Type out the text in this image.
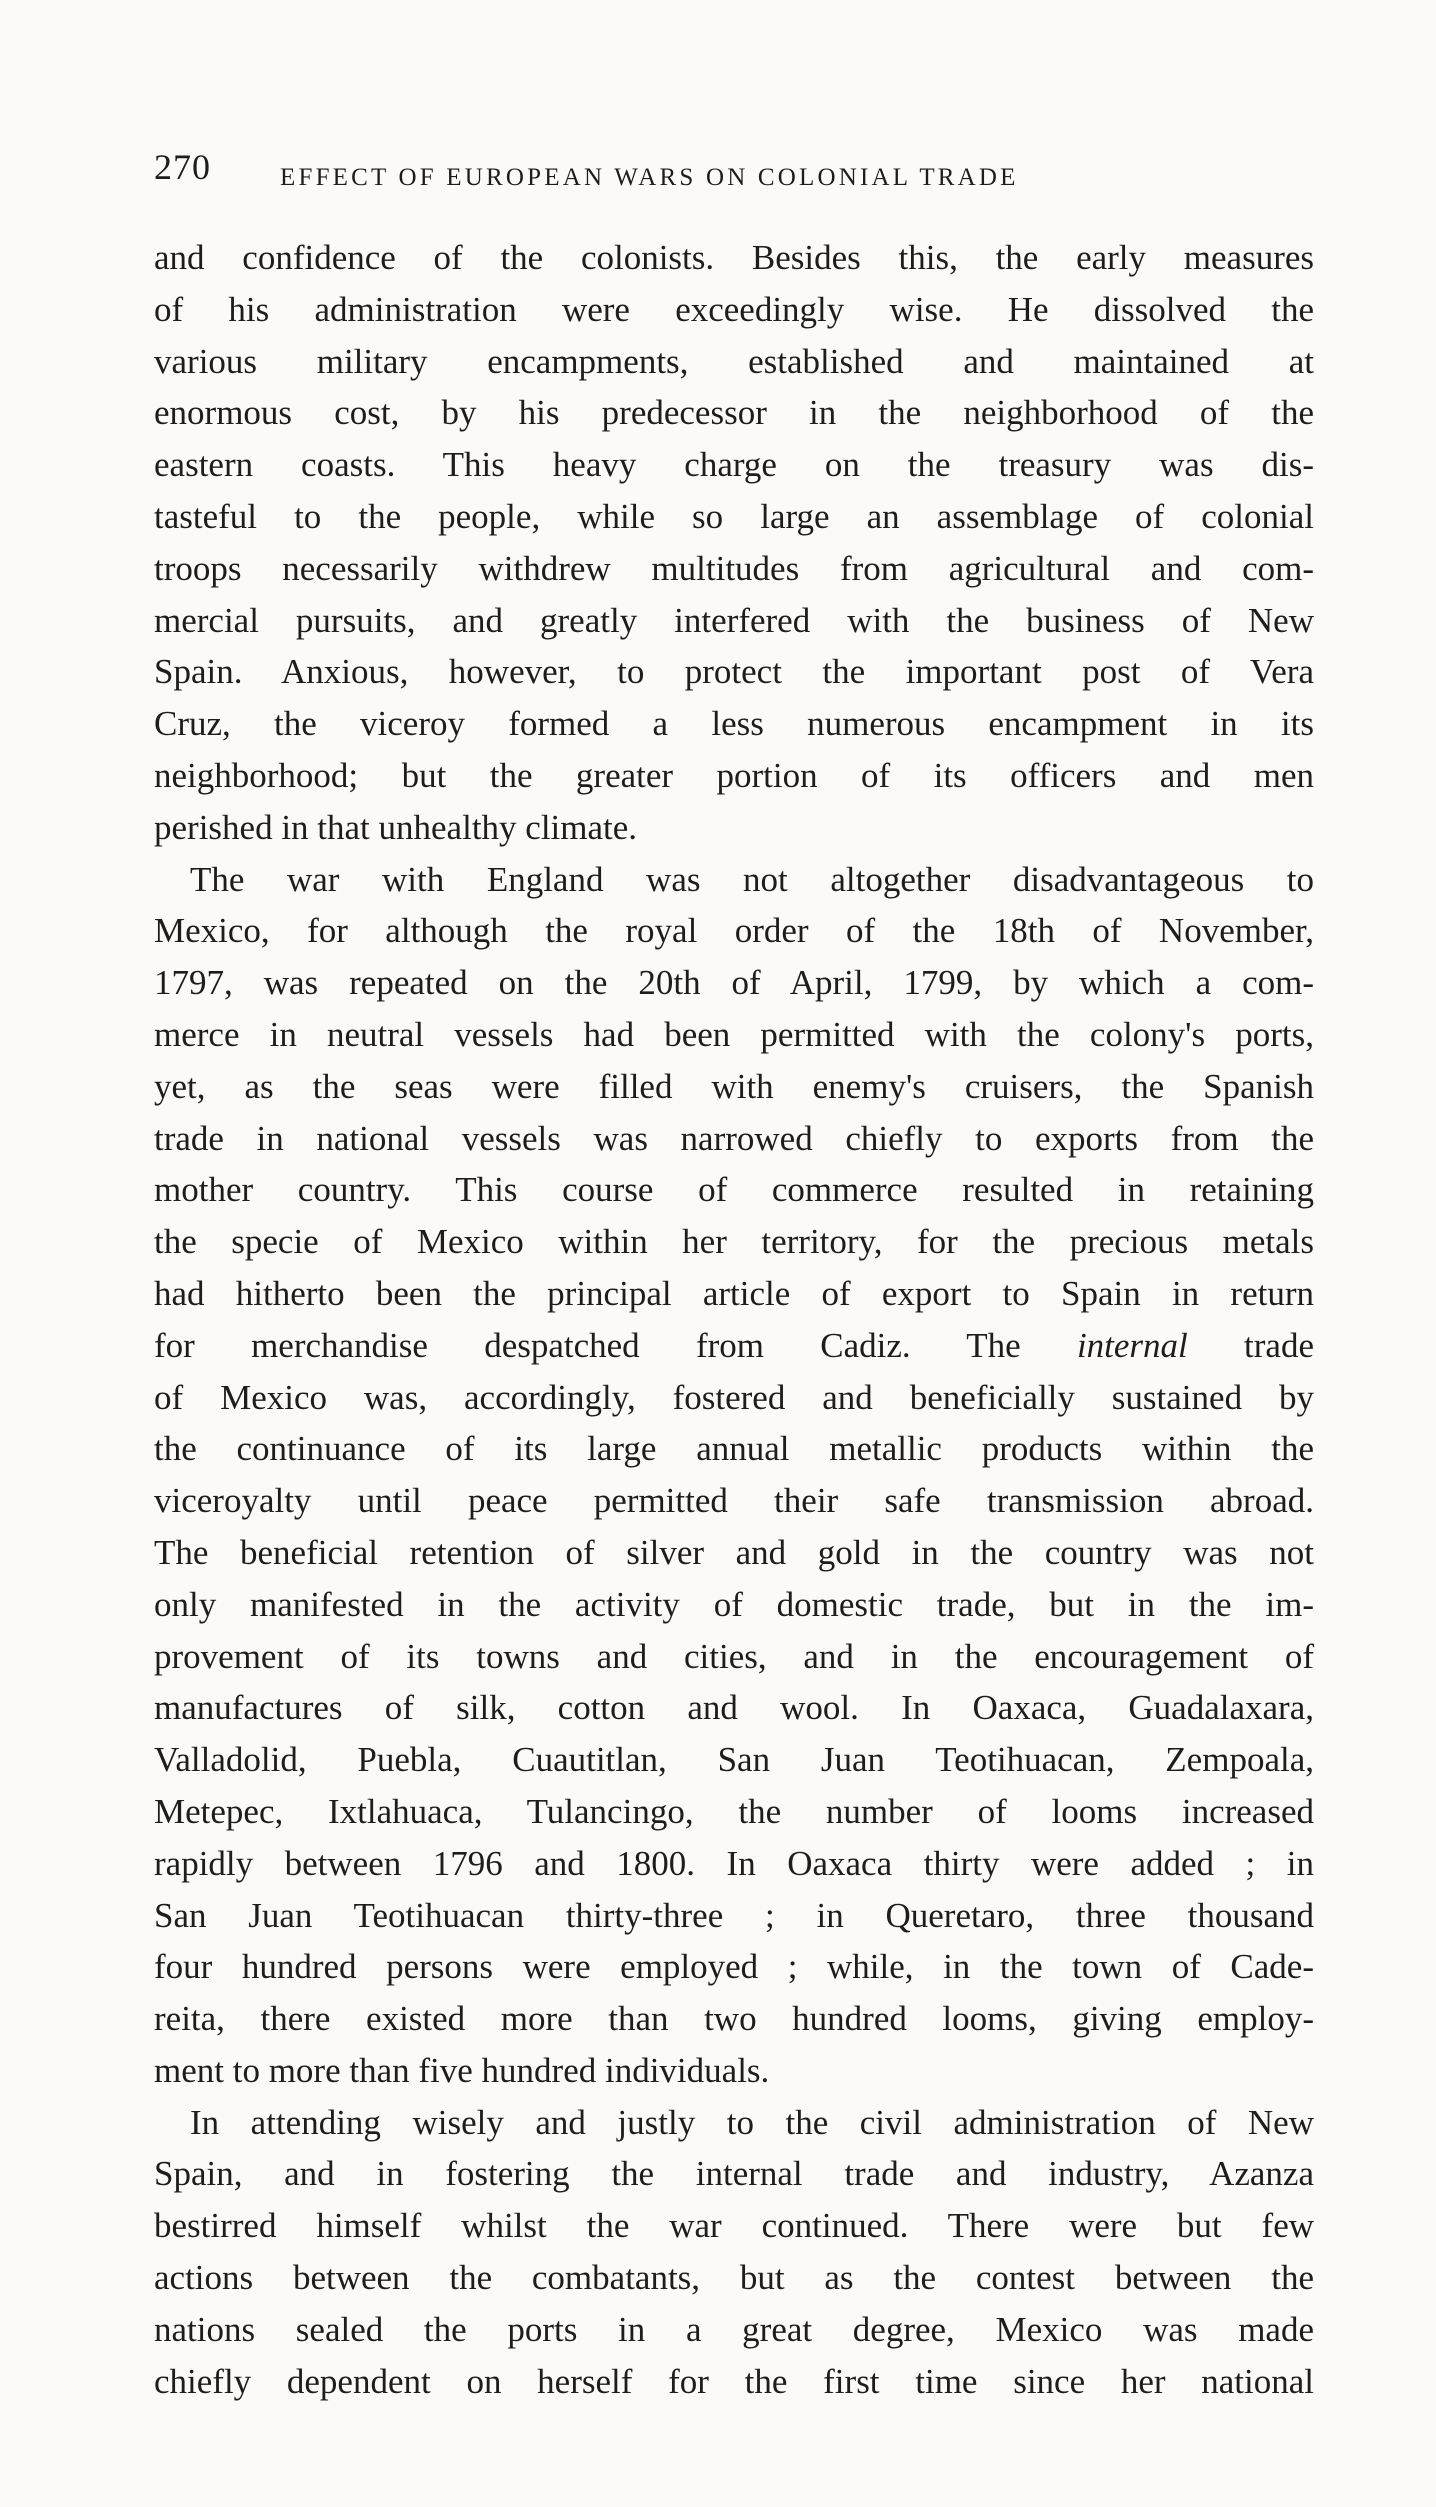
270	EFFECT OF EUROPEAN WARS ON COLONIAL TRADE
and confidence of the colonists. Besides this, the early measures
of his administration were exceedingly wise. He dissolved the
various military encampments, established and maintained at
enormous cost, by his predecessor in the neighborhood of the
eastern coasts. This heavy charge on the treasury was dis-
tasteful to the people, while so large an assemblage of colonial
troops necessarily withdrew multitudes from agricultural and com-
mercial pursuits, and greatly interfered with the business of New
Spain. Anxious, however, to protect the important post of Vera
Cruz, the viceroy formed a less numerous encampment in its
neighborhood; but the greater portion of its officers and men
perished in that unhealthy climate.
The war with England was not altogether disadvantageous to
Mexico, for although the royal order of the 18th of November,
1797, was repeated on the 20th of April, 1799, by which a com-
merce in neutral vessels had been permitted with the colony's ports,
yet, as the seas were filled with enemy's cruisers, the Spanish
trade in national vessels was narrowed chiefly to exports from the
mother country. This course of commerce resulted in retaining
the specie of Mexico within her territory, for the precious metals
had hitherto been the principal article of export to Spain in return
for merchandise despatched from Cadiz. The internal trade
of Mexico was, accordingly, fostered and beneficially sustained by
the continuance of its large annual metallic products within the
viceroyalty until peace permitted their safe transmission abroad.
The beneficial retention of silver and gold in the country was not
only manifested in the activity of domestic trade, but in the im-
provement of its towns and cities, and in the encouragement of
manufactures of silk, cotton and wool. In Oaxaca, Guadalaxara,
Valladolid, Puebla, Cuautitlan, San Juan Teotihuacan, Zempoala,
Metepec, Ixtlahuaca, Tulancingo, the number of looms increased
rapidly between 1796 and 1800. In Oaxaca thirty were added ; in
San Juan Teotihuacan thirty-three ; in Queretaro, three thousand
four hundred persons were employed ; while, in the town of Cade-
reita, there existed more than two hundred looms, giving employ-
ment to more than five hundred individuals.
In attending wisely and justly to the civil administration of New
Spain, and in fostering the internal trade and industry, Azanza
bestirred himself whilst the war continued. There were but few
actions between the combatants, but as the contest between the
nations sealed the ports in a great degree, Mexico was made
chiefly dependent on herself for the first time since her national
